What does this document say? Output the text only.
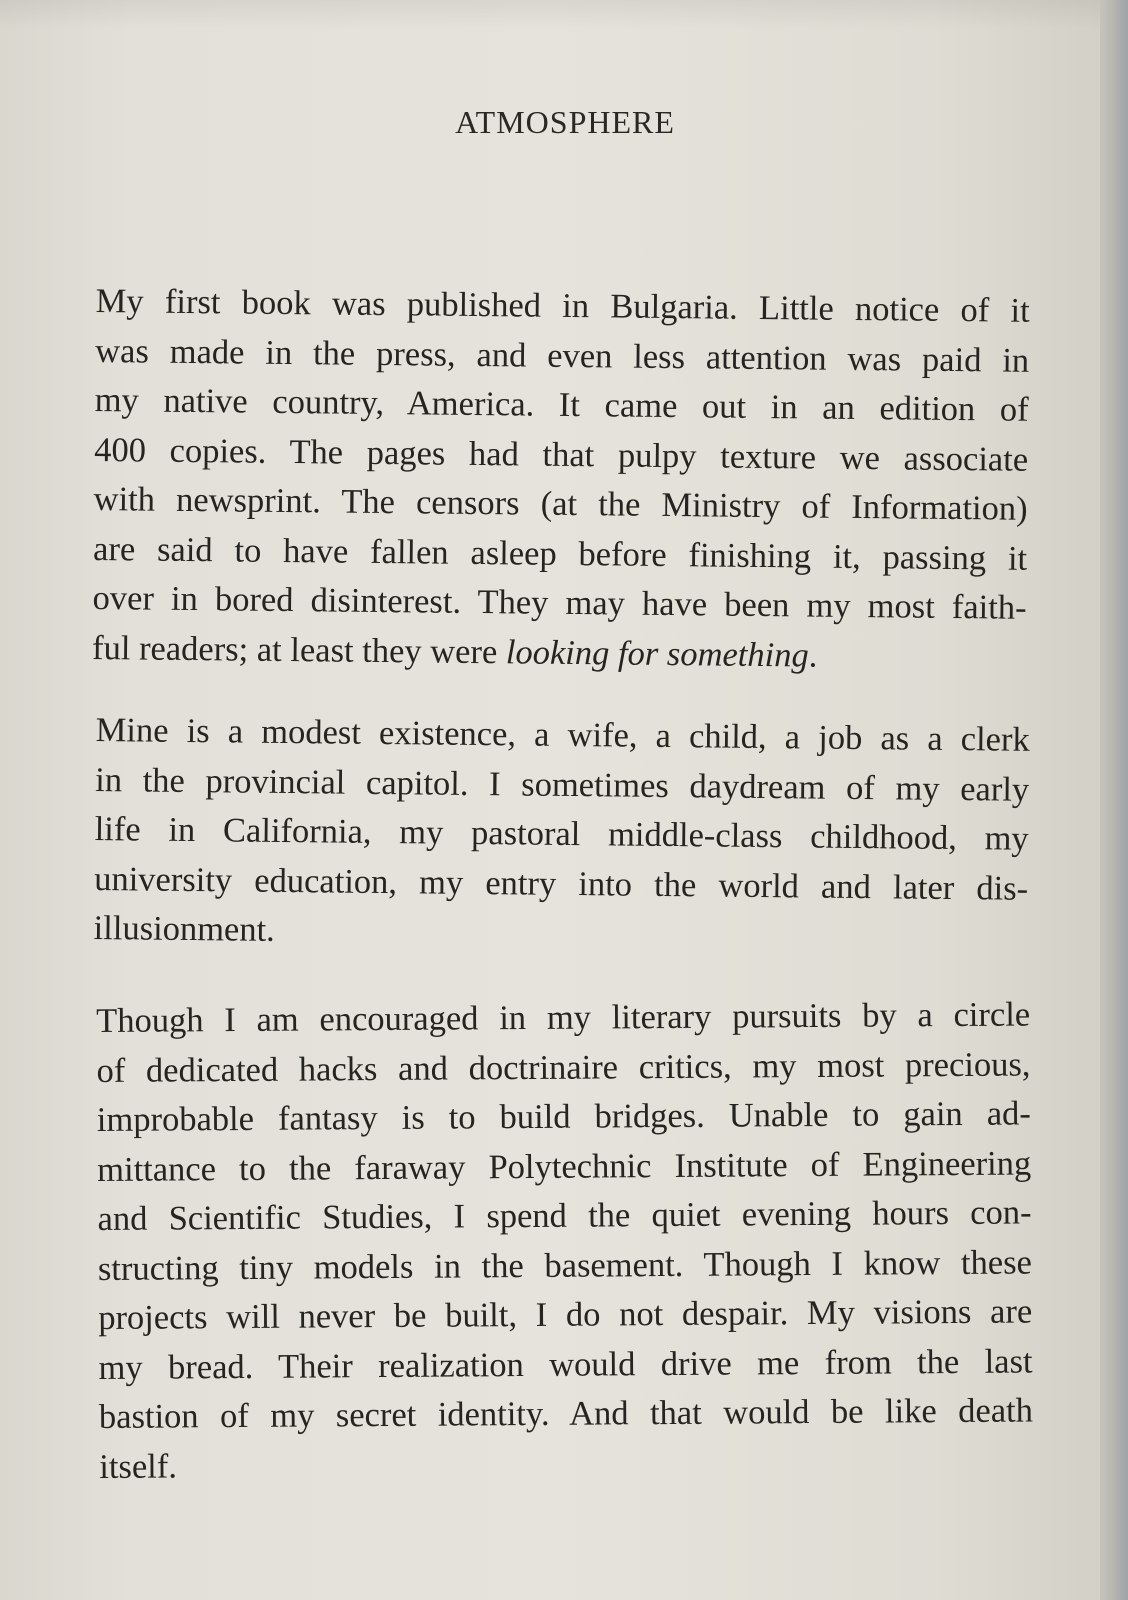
ATMOSPHERE
My first book was published in Bulgaria. Little notice of it
was made in the press, and even less attention was paid in
my native country, America. It came out in an edition of
400 copies. The pages had that pulpy texture we associate
with newsprint. The censors (at the Ministry of Information)
are said to have fallen asleep before finishing it, passing it
over in bored disinterest. They may have been my most faith-
ful readers; at least they were looking for something.
Mine is a modest existence, a wife, a child, a job as a clerk
in the provincial capitol. I sometimes daydream of my early
life in California, my pastoral middle-class childhood, my
university education, my entry into the world and later dis-
illusionment.
Though I am encouraged in my literary pursuits by a circle
of dedicated hacks and doctrinaire critics, my most precious,
improbable fantasy is to build bridges. Unable to gain ad-
mittance to the faraway Polytechnic Institute of Engineering
and Scientific Studies, I spend the quiet evening hours con-
structing tiny models in the basement. Though I know these
projects will never be built, I do not despair. My visions are
my bread. Their realization would drive me from the last
bastion of my secret identity. And that would be like death
itself.
